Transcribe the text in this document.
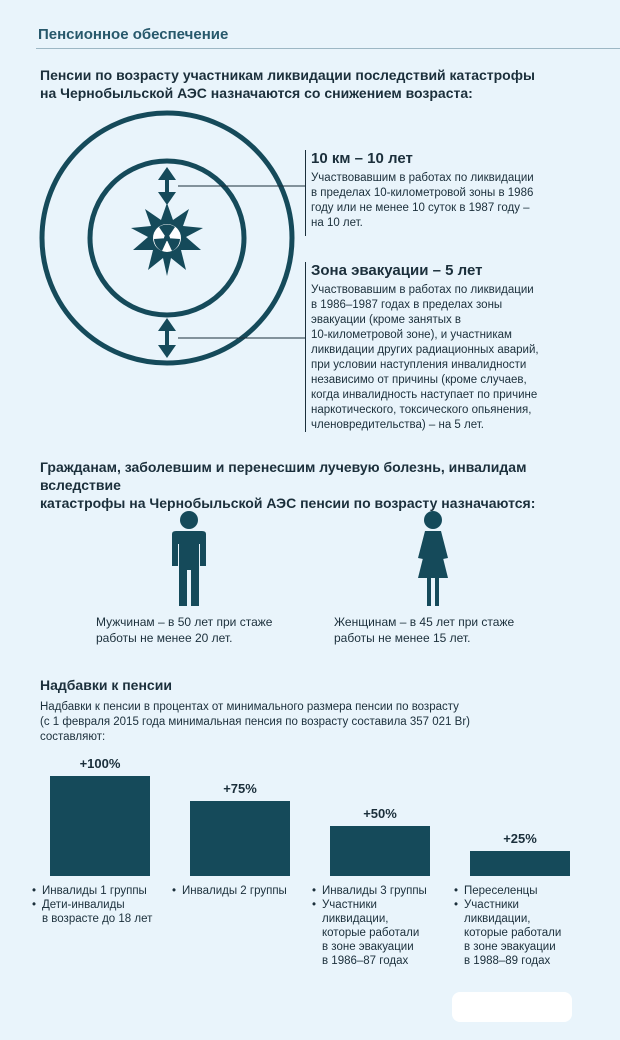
Пенсионное обеспечение
Пенсии по возрасту участникам ликвидации последствий катастрофы
на Чернобыльской АЭС назначаются со снижением возраста:
10 км – 10 лет
Участвовавшим в работах по ликвидации
в пределах 10-километровой зоны в 1986
году или не менее 10 суток в 1987 году –
на 10 лет.
Зона эвакуации – 5 лет
Участвовавшим в работах по ликвидации
в 1986–1987 годах в пределах зоны
эвакуации (кроме занятых в
10-километровой зоне), и участникам
ликвидации других радиационных аварий,
при условии наступления инвалидности
независимо от причины (кроме случаев,
когда инвалидность наступает по причине
наркотического, токсического опьянения,
членовредительства) – на 5 лет.
Гражданам, заболевшим и перенесшим лучевую болезнь, инвалидам вследствие
катастрофы на Чернобыльской АЭС пенсии по возрасту назначаются:
Мужчинам – в 50 лет при стаже
работы не менее 20 лет.
Женщинам – в 45 лет при стаже
работы не менее 15 лет.
Надбавки к пенсии
Надбавки к пенсии в процентах от минимального размера пенсии по возрасту
(с 1 февраля 2015 года минимальная пенсия по возрасту составила 357 021 Br)
составляют:
+100%
+75%
+50%
+25%
• Инвалиды 1 группы
• Дети-инвалиды
в возрасте до 18 лет
• Инвалиды 2 группы	• Инвалиды 3 группы
• Участники
ликвидации,
которые работали
в зоне эвакуации
в 1986–87 годах
• Переселенцы
• Участники
ликвидации,
которые работали
в зоне эвакуации
в 1988–89 годах
